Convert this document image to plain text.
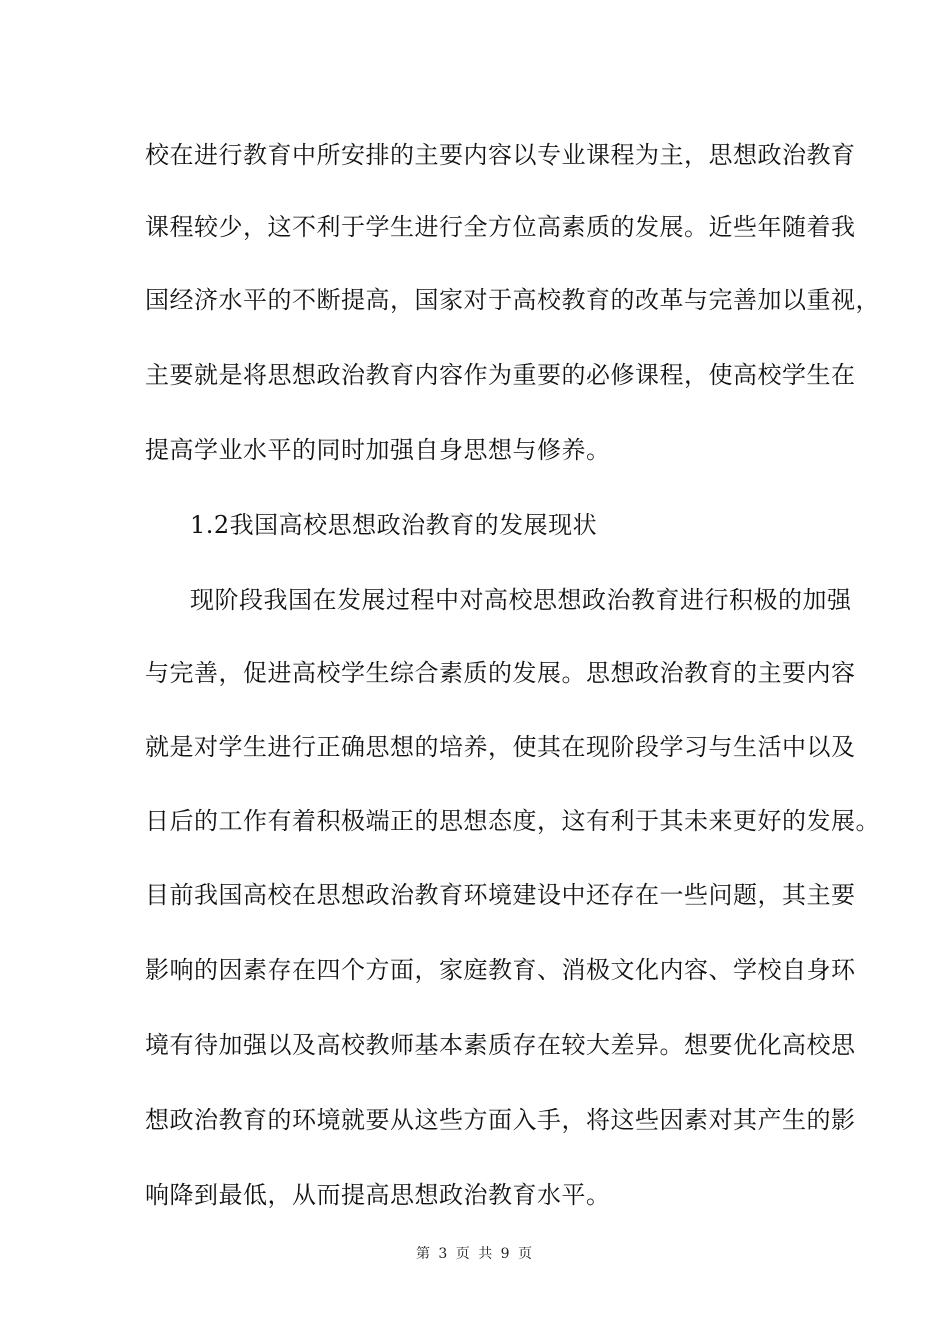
校在进行教育中所安排的主要内容以专业课程为主，思想政治教育
课程较少，这不利于学生进行全方位高素质的发展。近些年随着我
国经济水平的不断提高，国家对于高校教育的改革与完善加以重视，
主要就是将思想政治教育内容作为重要的必修课程，使高校学生在
提高学业水平的同时加强自身思想与修养。
1.2我国高校思想政治教育的发展现状
现阶段我国在发展过程中对高校思想政治教育进行积极的加强
与完善，促进高校学生综合素质的发展。思想政治教育的主要内容
就是对学生进行正确思想的培养，使其在现阶段学习与生活中以及
日后的工作有着积极端正的思想态度，这有利于其未来更好的发展。
目前我国高校在思想政治教育环境建设中还存在一些问题，其主要
影响的因素存在四个方面，家庭教育、消极文化内容、学校自身环
境有待加强以及高校教师基本素质存在较大差异。想要优化高校思
想政治教育的环境就要从这些方面入手，将这些因素对其产生的影
响降到最低，从而提高思想政治教育水平。
第 3 页 共 9 页
